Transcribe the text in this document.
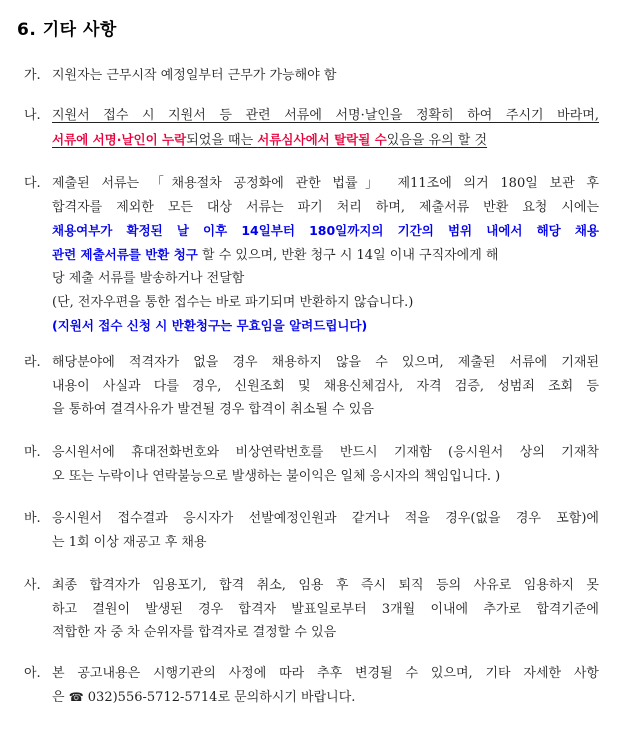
6. 기타 사항
가. 지원자는 근무시작 예정일부터 근무가 가능해야 함
나. 지원서 접수 시 지원서 등 관련 서류에 서명·날인을 정확히 하여 주시기 바라며,
서류에 서명·날인이 누락되었을 때는 서류심사에서 탈락될 수있음을 유의 할 것
다. 제출된 서류는 「채용절차 공정화에 관한 법률」 제11조에 의거 180일 보관 후
합격자를 제외한 모든 대상 서류는 파기 처리 하며, 제출서류 반환 요청 시에는
채용여부가 확정된 날 이후 14일부터 180일까지의 기간의 범위 내에서 해당 채용
관련 제출서류를 반환 청구 할 수 있으며, 반환 청구 시 14일 이내 구직자에게 해
당 제출 서류를 발송하거나 전달함
(단, 전자우편을 통한 접수는 바로 파기되며 반환하지 않습니다.)
(지원서 접수 신청 시 반환청구는 무효임을 알려드립니다)
라. 해당분야에 적격자가 없을 경우 채용하지 않을 수 있으며, 제출된 서류에 기재된
내용이 사실과 다를 경우, 신원조회 및 채용신체검사, 자격 검증, 성범죄 조회 등
을 통하여 결격사유가 발견될 경우 합격이 취소될 수 있음
마. 응시원서에 휴대전화번호와 비상연락번호를 반드시 기재함 (응시원서 상의 기재착
오 또는 누락이나 연락불능으로 발생하는 불이익은 일체 응시자의 책임입니다. )
바. 응시원서 접수결과 응시자가 선발예정인원과 같거나 적을 경우(없을 경우 포함)에
는 1회 이상 재공고 후 채용
사. 최종 합격자가 임용포기, 합격 취소, 임용 후 즉시 퇴직 등의 사유로 임용하지 못
하고 결원이 발생된 경우 합격자 발표일로부터 3개월 이내에 추가로 합격기준에
적합한 자 중 차 순위자를 합격자로 결정할 수 있음
아. 본 공고내용은 시행기관의 사정에 따라 추후 변경될 수 있으며, 기타 자세한 사항
은 ☎ 032)556-5712-5714로 문의하시기 바랍니다.
